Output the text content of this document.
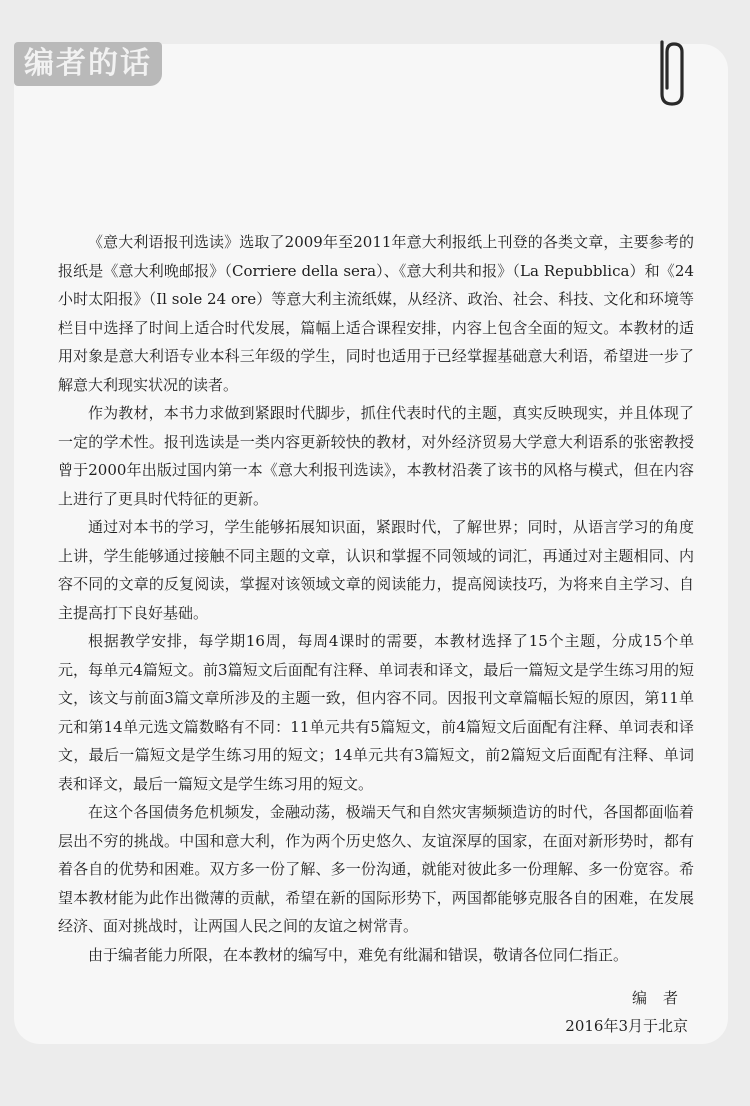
编者的话

《意大利语报刊选读》选取了2009年至2011年意大利报纸上刊登的各类文章，主要参考的报纸是《意大利晚邮报》（Corriere della sera）、《意大利共和报》（La Repubblica）和《24小时太阳报》（Il sole 24 ore）等意大利主流纸媒，从经济、政治、社会、科技、文化和环境等栏目中选择了时间上适合时代发展，篇幅上适合课程安排，内容上包含全面的短文。本教材的适用对象是意大利语专业本科三年级的学生，同时也适用于已经掌握基础意大利语，希望进一步了解意大利现实状况的读者。

作为教材，本书力求做到紧跟时代脚步，抓住代表时代的主题，真实反映现实，并且体现了一定的学术性。报刊选读是一类内容更新较快的教材，对外经济贸易大学意大利语系的张密教授曾于2000年出版过国内第一本《意大利报刊选读》，本教材沿袭了该书的风格与模式，但在内容上进行了更具时代特征的更新。

通过对本书的学习，学生能够拓展知识面，紧跟时代，了解世界；同时，从语言学习的角度上讲，学生能够通过接触不同主题的文章，认识和掌握不同领域的词汇，再通过对主题相同、内容不同的文章的反复阅读，掌握对该领域文章的阅读能力，提高阅读技巧，为将来自主学习、自主提高打下良好基础。

根据教学安排，每学期16周，每周4课时的需要，本教材选择了15个主题，分成15个单元，每单元4篇短文。前3篇短文后面配有注释、单词表和译文，最后一篇短文是学生练习用的短文，该文与前面3篇文章所涉及的主题一致，但内容不同。因报刊文章篇幅长短的原因，第11单元和第14单元选文篇数略有不同：11单元共有5篇短文，前4篇短文后面配有注释、单词表和译文，最后一篇短文是学生练习用的短文；14单元共有3篇短文，前2篇短文后面配有注释、单词表和译文，最后一篇短文是学生练习用的短文。

在这个各国债务危机频发，金融动荡，极端天气和自然灾害频频造访的时代，各国都面临着层出不穷的挑战。中国和意大利，作为两个历史悠久、友谊深厚的国家，在面对新形势时，都有着各自的优势和困难。双方多一份了解、多一份沟通，就能对彼此多一份理解、多一份宽容。希望本教材能为此作出微薄的贡献，希望在新的国际形势下，两国都能够克服各自的困难，在发展经济、面对挑战时，让两国人民之间的友谊之树常青。

由于编者能力所限，在本教材的编写中，难免有纰漏和错误，敬请各位同仁指正。

编者
2016年3月于北京
